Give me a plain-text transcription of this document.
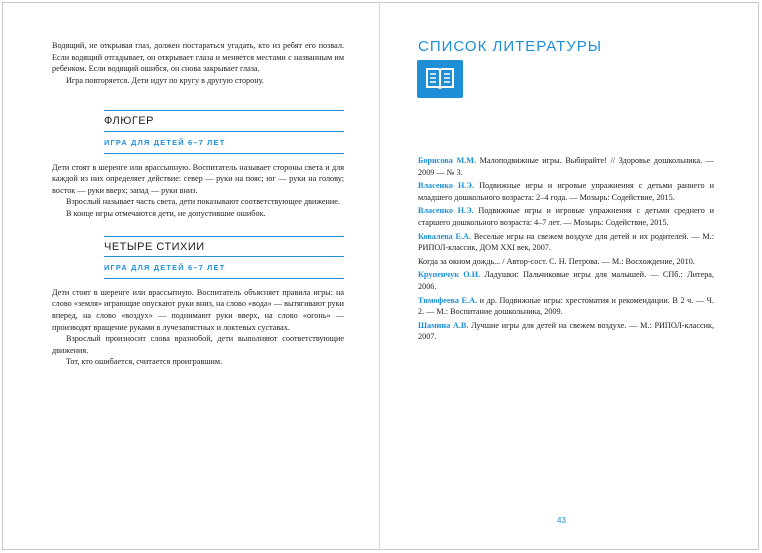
Водящий, не открывая глаз, должен постараться угадать, кто из ребят его позвал. Если водящий отгадывает, он открывает глаза и меняется местами с названным им ребенком. Если водящий ошибся, он снова закрывает глаза.

Игра повторяется. Дети идут по кругу в другую сторону.

ФЛЮГЕР
ИГРА ДЛЯ ДЕТЕЙ 6–7 ЛЕТ

Дети стоят в шеренге или врассыпную. Воспитатель называет стороны света и для каждой из них определяет действие: север — руки на пояс; юг — руки на голову; восток — руки вверх; запад — руки вниз.

Взрослый называет часть света, дети показывают соответствующее движение.

В конце игры отмечаются дети, не допустившие ошибок.

ЧЕТЫРЕ СТИХИИ
ИГРА ДЛЯ ДЕТЕЙ 6–7 ЛЕТ

Дети стоят в шеренге или врассыпную. Воспитатель объясняет правила игры: на слово «земля» играющие опускают руки вниз, на слово «вода» — вытягивают руки вперед, на слово «воздух» — поднимают руки вверх, на слово «огонь» — производят вращение руками в лучезапястных и локтевых суставах.

Взрослый произносит слова вразнобой, дети выполняют соответствующие движения.

Тот, кто ошибается, считается проигравшим.

СПИСОК ЛИТЕРАТУРЫ
Борисова М.М. Малоподвижные игры. Выбирайте! // Здоровье дошкольника. — 2009 — № 3.
Власенко Н.Э. Подвижные игры и игровые упражнения с детьми раннего и младшего дошкольного возраста: 2–4 года. — Мозырь: Содействие, 2015.
Власенко Н.Э. Подвижные игры и игровые упражнения с детьми среднего и старшего дошкольного возраста: 4–7 лет. — Мозырь: Содействие, 2015.
Ковалева Е.А. Веселые игры на свежем воздухе для детей и их родителей. — М.: РИПОЛ-классик, ДОМ XXI век, 2007.
Когда за окном дождь... / Автор-сост. С. Н. Петрова. — М.: Восхождение, 2010.
Крупенчук О.И. Ладушки: Пальчиковые игры для малышей. — СПб.: Литера, 2006.
Тимофеева Е.А. и др. Подвижные игры: хрестоматия и рекомендации. В 2 ч. — Ч. 2. — М.: Воспитание дошкольника, 2009.
Шамина А.В. Лучшие игры для детей на свежем воздухе. — М.: РИПОЛ-классик, 2007.
43
